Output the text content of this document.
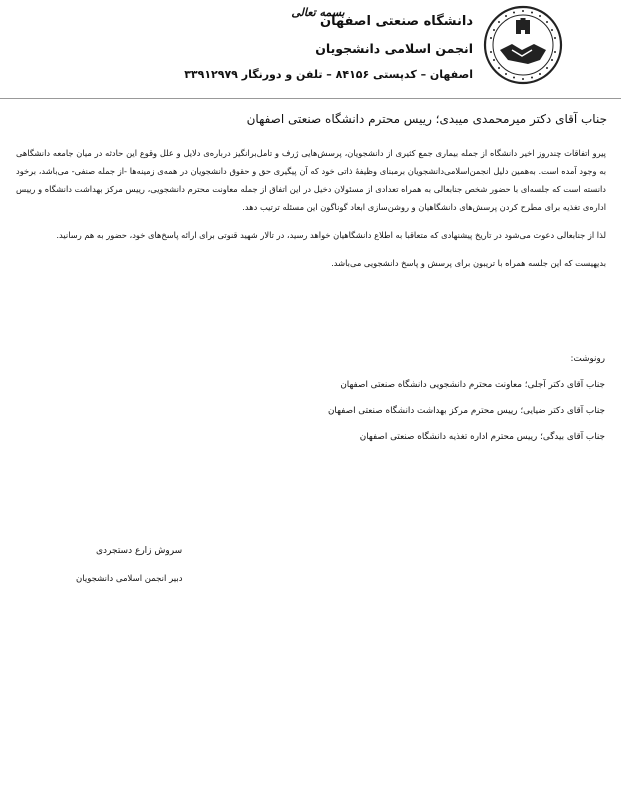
بسمه تعالی
دانشگاه صنعتی اصفهان
انجمن اسلامی دانشجویان
اصفهان – کدپستی ۸۴۱۵۶ – تلفن و دورنگار ۳۳۹۱۲۹۷۹
جناب آقای دکتر میرمحمدی میبدی؛ رییس محترم دانشگاه صنعتی اصفهان

پیرو اتفاقات چندروز اخیر دانشگاه از جمله بیماری جمع کثیری از دانشجویان، پرسش‌هایی ژرف و تامل‌برانگیز درباره‌ی دلایل و علل وقوع این حادثه در میان جامعه دانشگاهی به وجود آمده است. به‌همین دلیل انجمن‌اسلامی‌دانشجویان برمبنای وظیفهٔ ذاتی خود که آن پیگیری حق و حقوق دانشجویان در همه‌ی زمینه‌ها -از جمله صنفی- می‌باشد، برخود دانسته است که جلسه‌ای با حضور شخص جنابعالی به همراه تعدادی از مسئولان دخیل در این اتفاق از جمله معاونت محترم دانشجویی، رییس مرکز بهداشت دانشگاه و رییس اداره‌ی تغذیه برای مطرح کردن پرسش‌های دانشگاهیان و روشن‌سازی ابعاد گوناگون این مسئله ترتیب دهد.

لذا از جنابعالی دعوت می‌شود در تاریخ پیشنهادی که متعاقبا به اطلاع دانشگاهیان خواهد رسید، در تالار شهید قنوتی برای ارائه پاسخ‌های خود، حضور به هم رسانید.

بدیهیست که این جلسه همراه با تریبون برای پرسش و پاسخ دانشجویی می‌باشد.

رونوشت:
جناب آقای دکتر آجلی؛ معاونت محترم دانشجویی دانشگاه صنعتی اصفهان
جناب آقای دکتر ضیایی؛ رییس محترم مرکز بهداشت دانشگاه صنعتی اصفهان
جناب آقای بیدگی؛ رییس محترم اداره تغذیه دانشگاه صنعتی اصفهان
سروش زارع دستجردی
دبیر انجمن اسلامی دانشجویان
